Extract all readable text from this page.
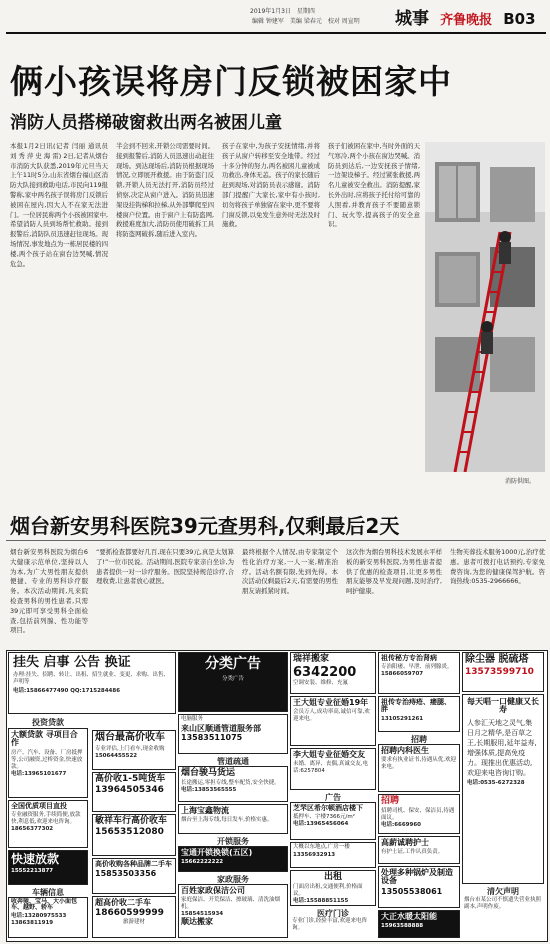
2019年1月3日　星期四
编辑 钟建军　美编 梁春元　校对 周宣明 城事 齐鲁晚报 B03
俩小孩误将房门反锁被困家中
消防人员搭梯破窗救出两名被困儿童
本报1月2日讯(记者 闫丽 通讯员 刘 秀 萍 史 海 雷) 2日,记者从烟台市消防大队获悉,2019年元旦当天上午11时5分,山东省烟台福山区消防大队接到救助电话,市民向119报警称,家中两名孩子误将房门反锁后被困在屋内,因大人不在家无法进门。一位居民称两个小孩被困家中,希望消防人员到场帮忙救助。接到报警后,消防队员迅速赶往现场。现场情况,事发地点为一栋居民楼的四楼,两个孩子站在窗台边哭喊,情况危急。
半会到不回来,开锁公司需要时间。接到报警后,消防人员迅速出动赶往现场。到达现场后,消防员根据现场情况,立即展开救援。由于防盗门反锁,开锁人员无法打开,消防员经过侦察,决定从窗户进入。消防员迅速架设挂钩梯和拉梯,从外部攀爬至四楼窗户位置。由于窗户上有防盗网,救援难度加大,消防员使用破拆工具将防盗网破拆,随后进入室内。
孩子在家中,为孩子安抚情绪,并将孩子从窗户转移至安全地带。经过十多分钟的努力,两名被困儿童被成功救出,身体无恙。孩子的家长随后赶到现场,对消防员表示感谢。消防部门提醒广大家长,家中有小孩时,切勿将孩子单独留在家中,更不要将门窗反锁,以免发生意外时无法及时施救。
孩子们被困在家中,当时外面的天气寒冷,两个小孩在窗边哭喊。消防员到达后,一边安抚孩子情绪,一边架设梯子。经过紧张救援,两名儿童被安全救出。消防提醒,家长外出时,应将孩子托付给可靠的人照看,并教育孩子不要随意锁门、玩火等,提高孩子的安全意识。
消防供图。
烟台新安男科医院39元查男科,仅剩最后2天
烟台新安男科医院为烟台6大健康示范单位,坚持以人为本,为广大男性朋友提供便捷、专业的男科诊疗服务。本次活动期间,凡来院检查男科的男性患者,只需39元即可享受男科全面检查,包括前列腺、性功能等项目。
“要抓检查都要好几百,现在只要39元,真是太划算了!”一位市民说。活动期间,医院专家亲自坐诊,为患者提供一对一诊疗服务。医院坚持规范诊疗,合理收费,让患者放心就医。
最终根据个人情况,由专家制定个性化治疗方案,一人一案,精准治疗。活动名额有限,先到先得。本次活动仅剩最后2天,有需要的男性朋友请抓紧时间。
这次作为烟台男科技术发展水平样板的新安男科医院,为男性患者提供了优惠的检查项目,让更多男性朋友能够及早发现问题,及时治疗,呵护健康。
生物芙蓉技术服务1000元,治疗优惠。患者可拨打电话预约,专家免费咨询,为您的健康保驾护航。咨询热线:0535-2966666。
挂失 启事 公告 换证
办理:挂失、招聘、转让、出租、招生就业、变更、求购、出售、声明等
电话:15866477490 QQ:1715284486
投资贷款
大额贷款 寻项目合作
房产、汽车、设备、厂房抵押等,公司融资,过桥资金,快速放款。
电话:13965101677
全国优质项目直投
专业融资服务,手续简便,放款快,利息低,欢迎来电咨询。
18656377302
快速放款
15552213877
车辆信息
收奔驰、宝马、大小面包车、越野、轿车
电话:13280975533
13863811919
烟台最高价收车
专业评估,上门看车,现金收购
15064455522
高价收1-5吨货车
13964505346
敏祥车行高价收车
15653512080
高价收购各种品牌二手车
15853503356
超高价收二手车
18660599999
旅游建材
分类广告
分类广告
电脑服务
来山区顺通管道服务部
13583511075
管道疏通
烟台骏马货运
长途搬运,零担专线,整车配货,安全快捷。
电话:13853565555
上海宝鑫物流
烟台至上海专线,每日发车,价格实惠。
开锁服务
宝通开锁换锁(五区)
15662222222
家政服务
百姓家政保洁公司
家庭保洁、开荒保洁、擦玻璃、清洗油烟机。
15854515934
顺达搬家
瑞祥搬家
6342200
空调安装、维修、充氟
王大姐专业征婚19年
会员万人,成功率高,诚信可靠,欢迎来电。
李大姐专业征婚交友
未婚、离异、丧偶,真诚交友,电话:6257804
广告
芝罘区希尔顿酒店楼下
抵押车、宇楼7366元/m²
电话:13965456064
大概以东地点,广房一楼
13356932913
出租
门面房出租,交通便利,价格面议。
电话:15588851155
医疗门诊
专业门诊,经验丰富,欢迎来电咨询。
祖传秘方专治肾病
专治阳痿、早泄、前列腺炎。
15866059707
祖传专治痔疮、瘘腿、胖
13105291261
招聘
招聘内科医生
要求有执业证书,待遇从优,欢迎来电。
招聘
招聘司机、保安、保洁员,待遇面议。
电话:6669960
高薪诚聘护士
有护士证,工作认真负责。
处理多种锅炉及制造设备
13505538061
大正水暖太阳能
15963588888
除尘器 脱硫塔
13573599710
每天唱一口健康又长寿
人参汇天地之灵气,集日月之精华,是百草之王,长期服用,延年益寿,增强体质,提高免疫力。现推出优惠活动,欢迎来电咨询订购。
电话:0535-6272328
清欠声明
烟台市某公司不慎遗失营业执照副本,声明作废。
